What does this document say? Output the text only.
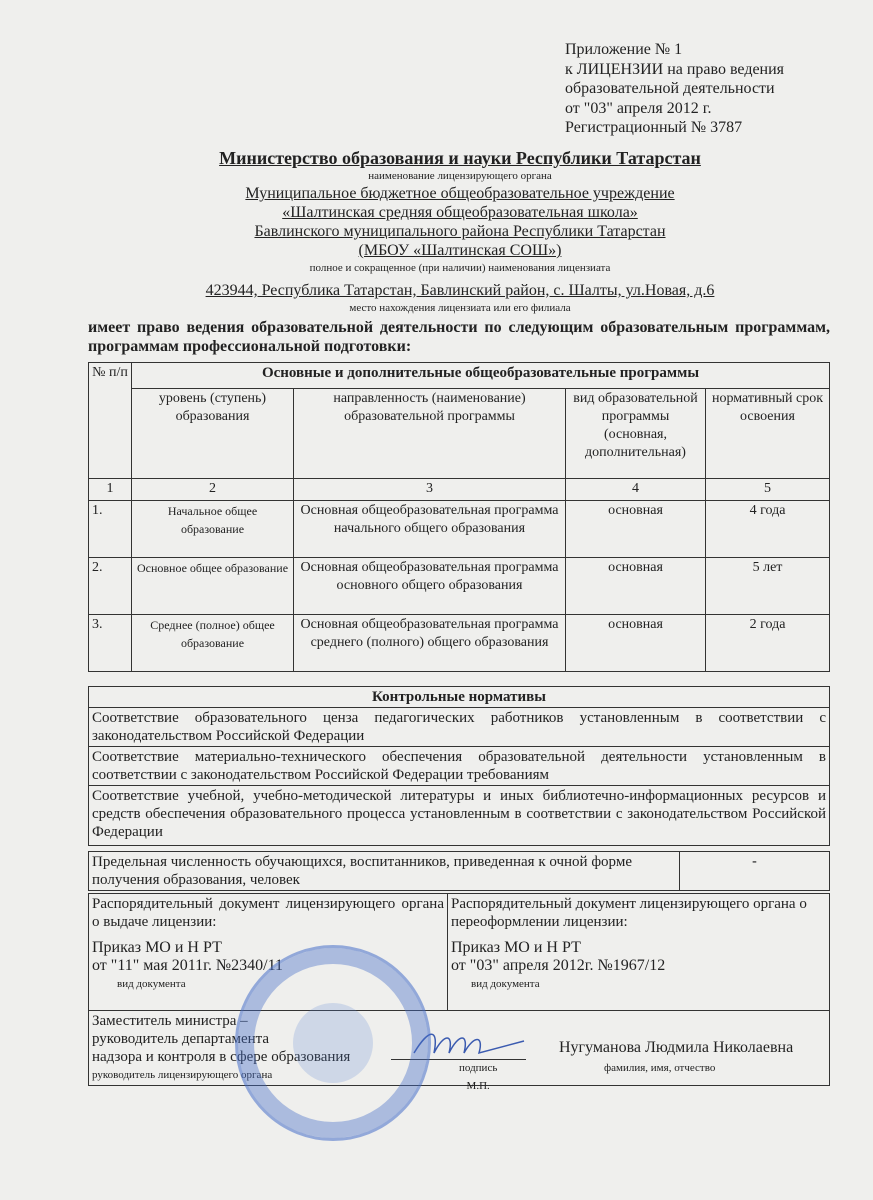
Приложение № 1
к ЛИЦЕНЗИИ на право ведения
образовательной деятельности
от "03" апреля 2012 г.
Регистрационный № 3787
Министерство образования и науки Республики Татарстан
наименование лицензирующего органа
Муниципальное бюджетное общеобразовательное учреждение
«Шалтинская средняя общеобразовательная школа»
Бавлинского муниципального района Республики Татарстан
(МБОУ «Шалтинская СОШ»)
полное и сокращенное (при наличии) наименования лицензиата
423944, Республика Татарстан, Бавлинский район, с. Шалты, ул.Новая, д.6
место нахождения лицензиата или его филиала
имеет право ведения образовательной деятельности по следующим образовательным программам, программам профессиональной подготовки:
№ п/п	Основные и дополнительные общеобразовательные программы			
	уровень (ступень) образования	направленность (наименование) образовательной программы	вид образовательной программы (основная, дополнительная)	нормативный срок освоения
1	2	3	4	5
1.	Начальное общее образование	Основная общеобразовательная программа начального общего образования	основная	4 года
2.	Основное общее образование	Основная общеобразовательная программа основного общего образования	основная	5 лет
3.	Среднее (полное) общее образование	Основная общеобразовательная программа среднего (полного) общего образования	основная	2 года
Контрольные нормативы
Соответствие образовательного ценза педагогических работников установленным в соответствии с законодательством Российской Федерации
Соответствие материально-технического обеспечения образовательной деятельности установленным в соответствии с законодательством Российской Федерации требованиям
Соответствие учебной, учебно-методической литературы и иных библиотечно-информационных ресурсов и средств обеспечения образовательного процесса установленным в соответствии с законодательством Российской Федерации
Предельная численность обучающихся, воспитанников, приведенная к очной форме получения образования, человек	-
Распорядительный документ лицензирующего органа о выдаче лицензии:
Приказ МО и Н РТ
от "11" мая 2011г. №2340/11
вид документа

Распорядительный документ лицензирующего органа о переоформлении лицензии:
Приказ МО и Н РТ
от "03" апреля 2012г. №1967/12
вид документа

Заместитель министра –
руководитель департамента
надзора и контроля в сфере образования
руководитель лицензирующего органа
подпись
М.П.
Нугуманова Людмила Николаевна
фамилия, имя, отчество
